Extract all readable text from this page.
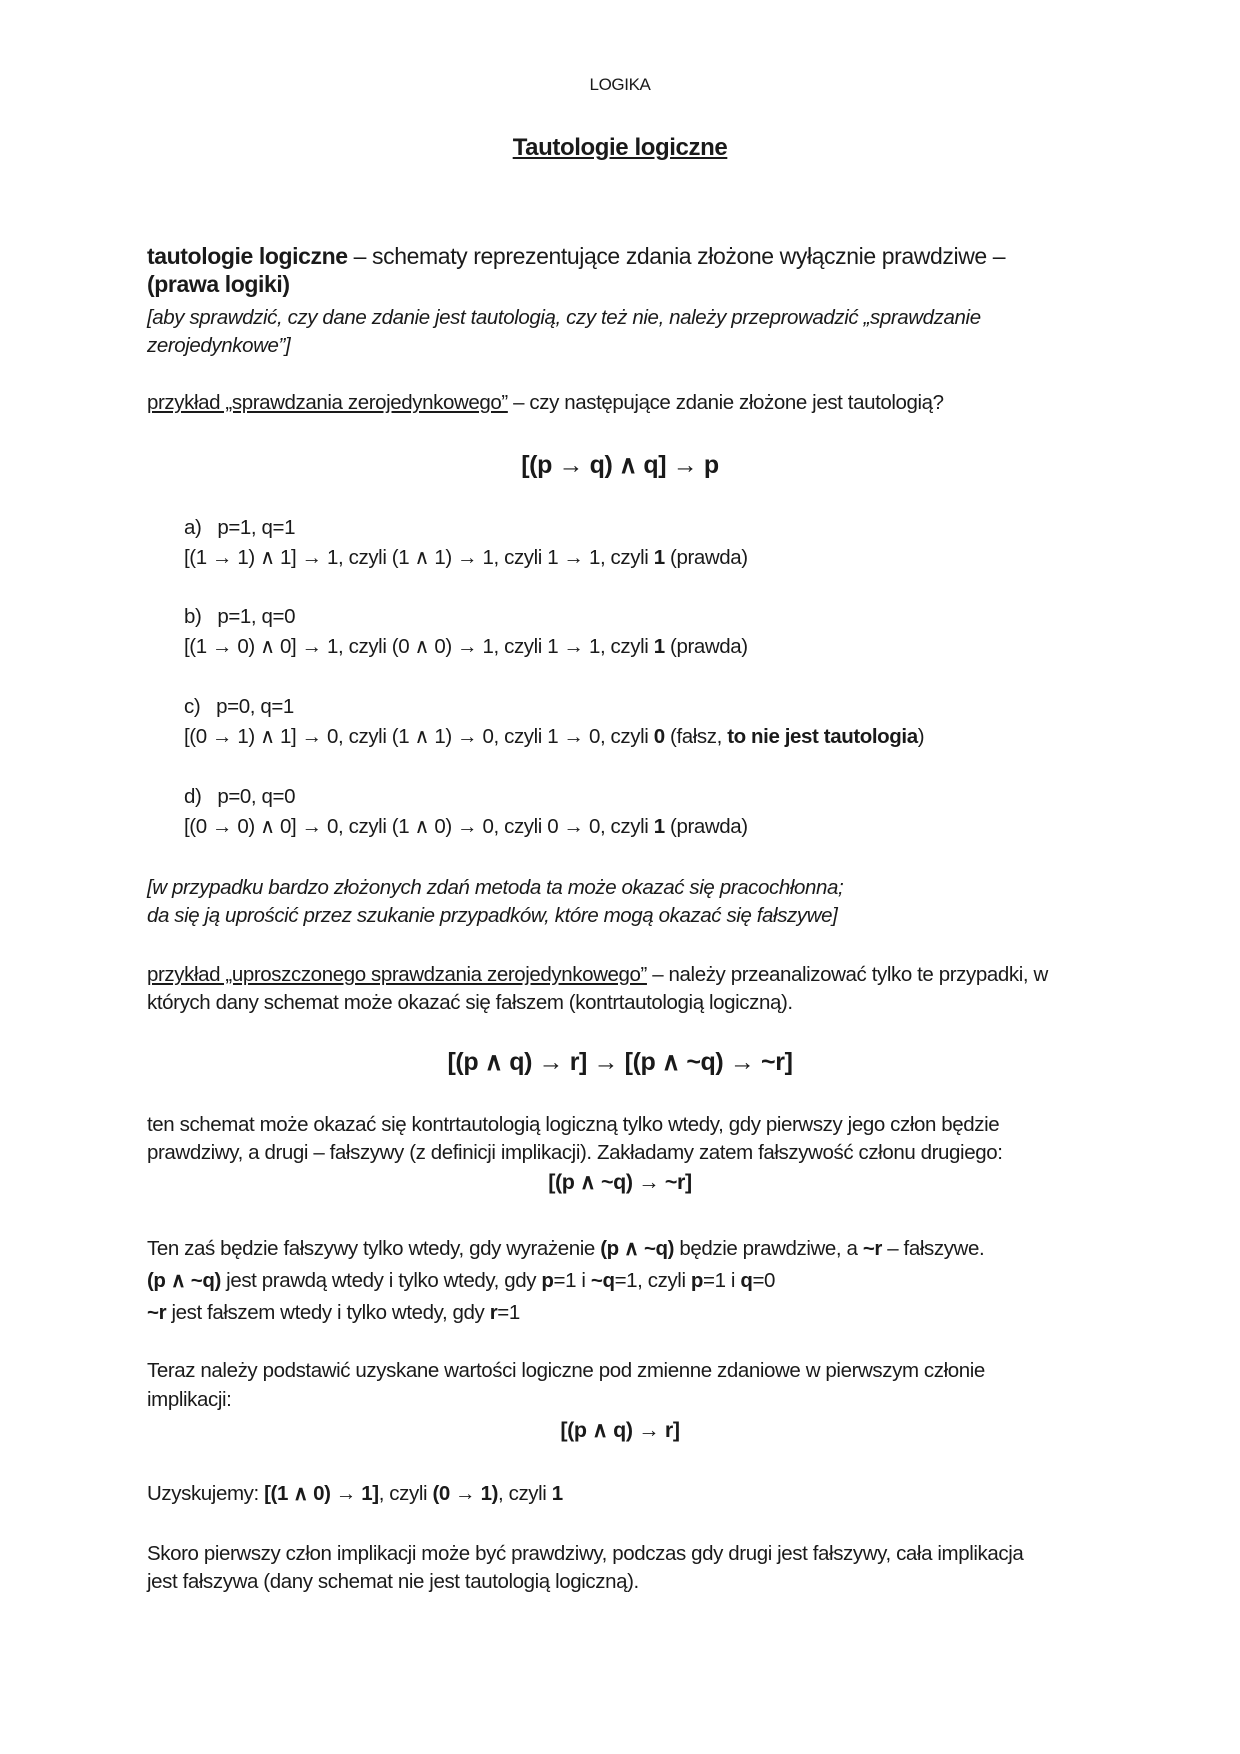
LOGIKA
Tautologie logiczne
tautologie logiczne – schematy reprezentujące zdania złożone wyłącznie prawdziwe –
(prawa logiki)
[aby sprawdzić, czy dane zdanie jest tautologią, czy też nie, należy przeprowadzić „sprawdzanie
zerojedynkowe”]
przykład „sprawdzania zerojedynkowego” – czy następujące zdanie złożone jest tautologią?
[(p → q) ∧ q] → p
a) p=1, q=1
[(1 → 1) ∧ 1] → 1, czyli (1 ∧ 1) → 1, czyli 1 → 1, czyli 1 (prawda)
b) p=1, q=0
[(1 → 0) ∧ 0] → 1, czyli (0 ∧ 0) → 1, czyli 1 → 1, czyli 1 (prawda)
c) p=0, q=1
[(0 → 1) ∧ 1] → 0, czyli (1 ∧ 1) → 0, czyli 1 → 0, czyli 0 (fałsz, to nie jest tautologia)
d) p=0, q=0
[(0 → 0) ∧ 0] → 0, czyli (1 ∧ 0) → 0, czyli 0 → 0, czyli 1 (prawda)
[w przypadku bardzo złożonych zdań metoda ta może okazać się pracochłonna;
da się ją uprościć przez szukanie przypadków, które mogą okazać się fałszywe]
przykład „uproszczonego sprawdzania zerojedynkowego” – należy przeanalizować tylko te przypadki, w
których dany schemat może okazać się fałszem (kontrtautologią logiczną).
[(p ∧ q) → r] → [(p ∧ ~q) → ~r]
ten schemat może okazać się kontrtautologią logiczną tylko wtedy, gdy pierwszy jego człon będzie
prawdziwy, a drugi – fałszywy (z definicji implikacji). Zakładamy zatem fałszywość członu drugiego:
[(p ∧ ~q) → ~r]
Ten zaś będzie fałszywy tylko wtedy, gdy wyrażenie (p ∧ ~q) będzie prawdziwe, a ~r – fałszywe.
(p ∧ ~q) jest prawdą wtedy i tylko wtedy, gdy p=1 i ~q=1, czyli p=1 i q=0
~r jest fałszem wtedy i tylko wtedy, gdy r=1
Teraz należy podstawić uzyskane wartości logiczne pod zmienne zdaniowe w pierwszym członie
implikacji:
[(p ∧ q) → r]
Uzyskujemy: [(1 ∧ 0) → 1], czyli (0 → 1), czyli 1
Skoro pierwszy człon implikacji może być prawdziwy, podczas gdy drugi jest fałszywy, cała implikacja
jest fałszywa (dany schemat nie jest tautologią logiczną).
